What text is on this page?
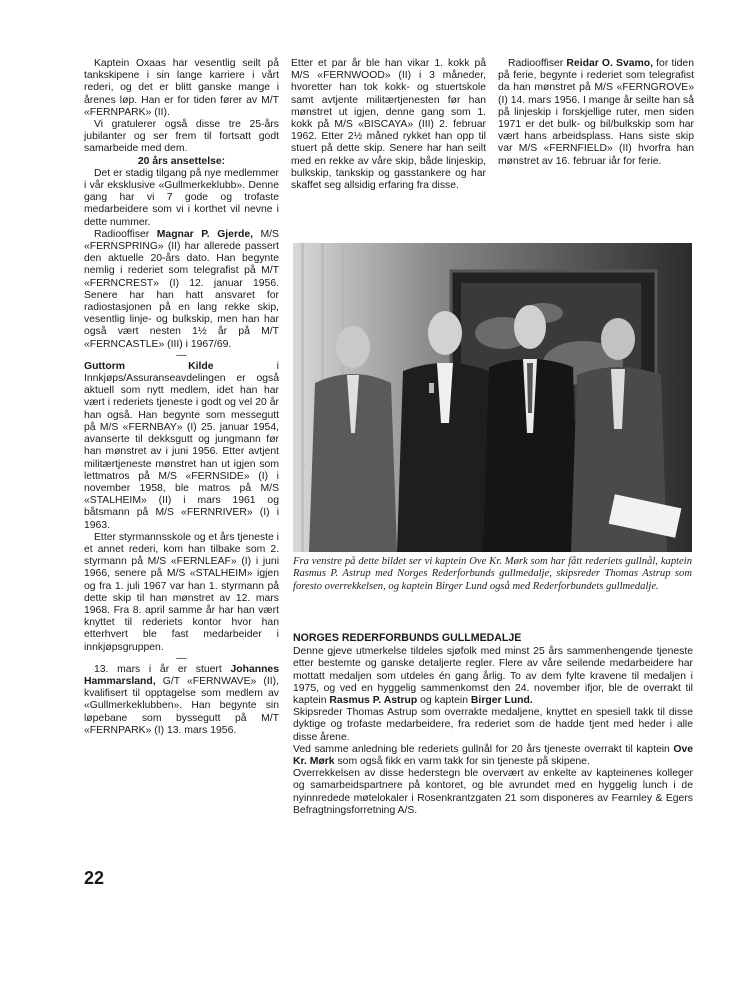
Kaptein Oxaas har vesentlig seilt på tankskipene i sin lange karriere i vårt rederi, og det er blitt ganske mange i årenes løp. Han er for tiden fører av M/T «FERNPARK» (II).

Vi gratulerer også disse tre 25-års jubilanter og ser frem til fortsatt godt samarbeide med dem.

20 års ansettelse:

Det er stadig tilgang på nye medlemmer i vår eksklusive «Gullmerkeklubb». Denne gang har vi 7 gode og trofaste medarbeidere som vi i korthet vil nevne i dette nummer.

Radiooffiser Magnar P. Gjerde, M/S «FERNSPRING» (II) har allerede passert den aktuelle 20-års dato. Han begynte nemlig i rederiet som telegrafist på M/T «FERNCREST» (I) 12. januar 1956. Senere har han hatt ansvaret for radiostasjonen på en lang rekke skip, vesentlig linje- og bulkskip, men han har også vært nesten 1½ år på M/T «FERNCASTLE» (III) i 1967/69.

—

Guttorm Kilde i Innkjøps/Assuranseavdelingen er også aktuell som nytt medlem, idet han har vært i rederiets tjeneste i godt og vel 20 år han også. Han begynte som messegutt på M/S «FERNBAY» (I) 25. januar 1954, avanserte til dekksgutt og jungmann før han mønstret av i juni 1956. Etter avtjent militærtjeneste mønstret han ut igjen som lettmatros på M/S «FERNSIDE» (I) i november 1958, ble matros på M/S «STALHEIM» (II) i mars 1961 og båtsmann på M/S «FERNRIVER» (I) i 1963.

Etter styrmannsskole og et års tjeneste i et annet rederi, kom han tilbake som 2. styrmann på M/S «FERNLEAF» (I) i juni 1966, senere på M/S «STALHEIM» igjen og fra 1. juli 1967 var han 1. styrmann på dette skip til han mønstret av 12. mars 1968. Fra 8. april samme år har han vært knyttet til rederiets kontor hvor han etterhvert ble fast medarbeider i innkjøpsgruppen.

—

13. mars i år er stuert Johannes Hammarsland, G/T «FERNWAVE» (II), kvalifisert til opptagelse som medlem av «Gullmerkeklubben». Han begynte sin løpebane som byssegutt på M/T «FERNPARK» (I) 13. mars 1956.

Etter et par år ble han vikar 1. kokk på M/S «FERNWOOD» (II) i 3 måneder, hvoretter han tok kokk- og stuertskole samt avtjente militærtjenesten før han mønstret ut igjen, denne gang som 1. kokk på M/S «BISCAYA» (III) 2. februar 1962. Etter 2½ måned rykket han opp til stuert på dette skip. Senere har han seilt med en rekke av våre skip, både linjeskip, bulkskip, tankskip og gasstankere og har skaffet seg allsidig erfaring fra disse.

Radiooffiser Reidar O. Svamo, for tiden på ferie, begynte i rederiet som telegrafist da han mønstret på M/S «FERNGROVE» (I) 14. mars 1956. I mange år seilte han så på linjeskip i forskjellige ruter, men siden 1971 er det bulk- og bil/bulkskip som har vært hans arbeidsplass. Hans siste skip var M/S «FERNFIELD» (II) hvorfra han mønstret av 16. februar iår for ferie.

Fra venstre på dette bildet ser vi kaptein Ove Kr. Mørk som har fått rederiets gullnål, kaptein Rasmus P. Astrup med Norges Rederforbunds gullmedalje, skipsreder Thomas Astrup som foresto overrekkelsen, og kaptein Birger Lund også med Rederforbundets gullmedalje.

NORGES REDERFORBUNDS GULLMEDALJE

Denne gjeve utmerkelse tildeles sjøfolk med minst 25 års sammenhengende tjeneste etter bestemte og ganske detaljerte regler. Flere av våre seilende medarbeidere har mottatt medaljen som utdeles én gang årlig. To av dem fylte kravene til medaljen i 1975, og ved en hyggelig sammenkomst den 24. november ifjor, ble de overrakt til kaptein Rasmus P. Astrup og kaptein Birger Lund.

Skipsreder Thomas Astrup som overrakte medaljene, knyttet en spesiell takk til disse dyktige og trofaste medarbeidere, fra rederiet som de hadde tjent med heder i alle disse årene.

Ved samme anledning ble rederiets gullnål for 20 års tjeneste overrakt til kaptein Ove Kr. Mørk som også fikk en varm takk for sin tjeneste på skipene.

Overrekkelsen av disse hederstegn ble overvært av enkelte av kapteinenes kolleger og samarbeidspartnere på kontoret, og ble avrundet med en hyggelig lunch i de nyinnredede møtelokaler i Rosenkrantzgaten 21 som disponeres av Fearnley & Egers Befragtningsforretning A/S.

22
